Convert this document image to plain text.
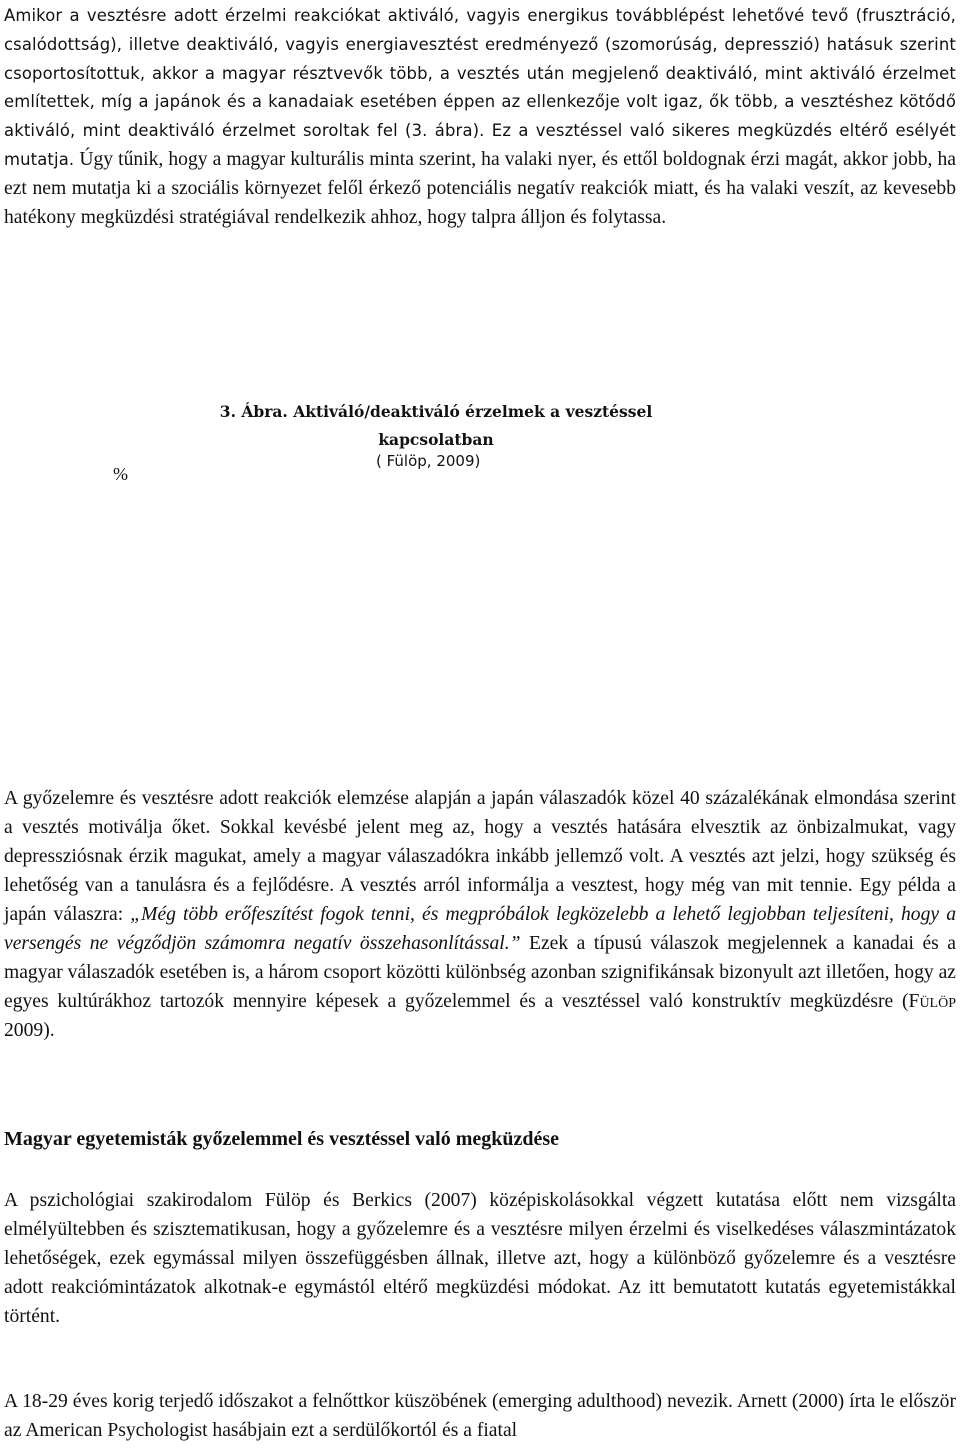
Amikor a vesztésre adott érzelmi reakciókat aktiváló, vagyis energikus továbblépést lehetővé tevő (frusztráció, csalódottság), illetve deaktiváló, vagyis energiavesztést eredményező (szomorúság, depresszió) hatásuk szerint csoportosítottuk, akkor a magyar résztvevők több, a vesztés után megjelenő deaktiváló, mint aktiváló érzelmet említettek, míg a japánok és a kanadaiak esetében éppen az ellenkezője volt igaz, ők több, a vesztéshez kötődő aktiváló, mint deaktiváló érzelmet soroltak fel (3. ábra). Ez a vesztéssel való sikeres megküzdés eltérő esélyét mutatja. Úgy tűnik, hogy a magyar kulturális minta szerint, ha valaki nyer, és ettől boldognak érzi magát, akkor jobb, ha ezt nem mutatja ki a szociális környezet felől érkező potenciális negatív reakciók miatt, és ha valaki veszít, az kevesebb hatékony megküzdési stratégiával rendelkezik ahhoz, hogy talpra álljon és folytassa.
3. Ábra. Aktiváló/deaktiváló érzelmek a vesztéssel
kapcsolatban
( Fülöp, 2009)
%
A győzelemre és vesztésre adott reakciók elemzése alapján a japán válaszadók közel 40 százalékának elmondása szerint a vesztés motiválja őket. Sokkal kevésbé jelent meg az, hogy a vesztés hatására elvesztik az önbizalmukat, vagy depressziósnak érzik magukat, amely a magyar válaszadókra inkább jellemző volt. A vesztés azt jelzi, hogy szükség és lehetőség van a tanulásra és a fejlődésre. A vesztés arról informálja a vesztest, hogy még van mit tennie. Egy példa a japán válaszra: „Még több erőfeszítést fogok tenni, és megpróbálok legközelebb a lehető legjobban teljesíteni, hogy a versengés ne végződjön számomra negatív összehasonlítással.” Ezek a típusú válaszok megjelennek a kanadai és a magyar válaszadók esetében is, a három csoport közötti különbség azonban szignifikánsak bizonyult azt illetően, hogy az egyes kultúrákhoz tartozók mennyire képesek a győzelemmel és a vesztéssel való konstruktív megküzdésre (Fülöp 2009).
Magyar egyetemisták győzelemmel és vesztéssel való megküzdése
A pszichológiai szakirodalom Fülöp és Berkics (2007) középiskolásokkal végzett kutatása előtt nem vizsgálta elmélyültebben és szisztematikusan, hogy a győzelemre és a vesztésre milyen érzelmi és viselkedéses válaszmintázatok lehetőségek, ezek egymással milyen összefüggésben állnak, illetve azt, hogy a különböző győzelemre és a vesztésre adott reakciómintázatok alkotnak-e egymástól eltérő megküzdési módokat. Az itt bemutatott kutatás egyetemistákkal történt.
A 18-29 éves korig terjedő időszakot a felnőttkor küszöbének (emerging adulthood) nevezik. Arnett (2000) írta le először az American Psychologist hasábjain ezt a serdülőkortól és a fiatal
